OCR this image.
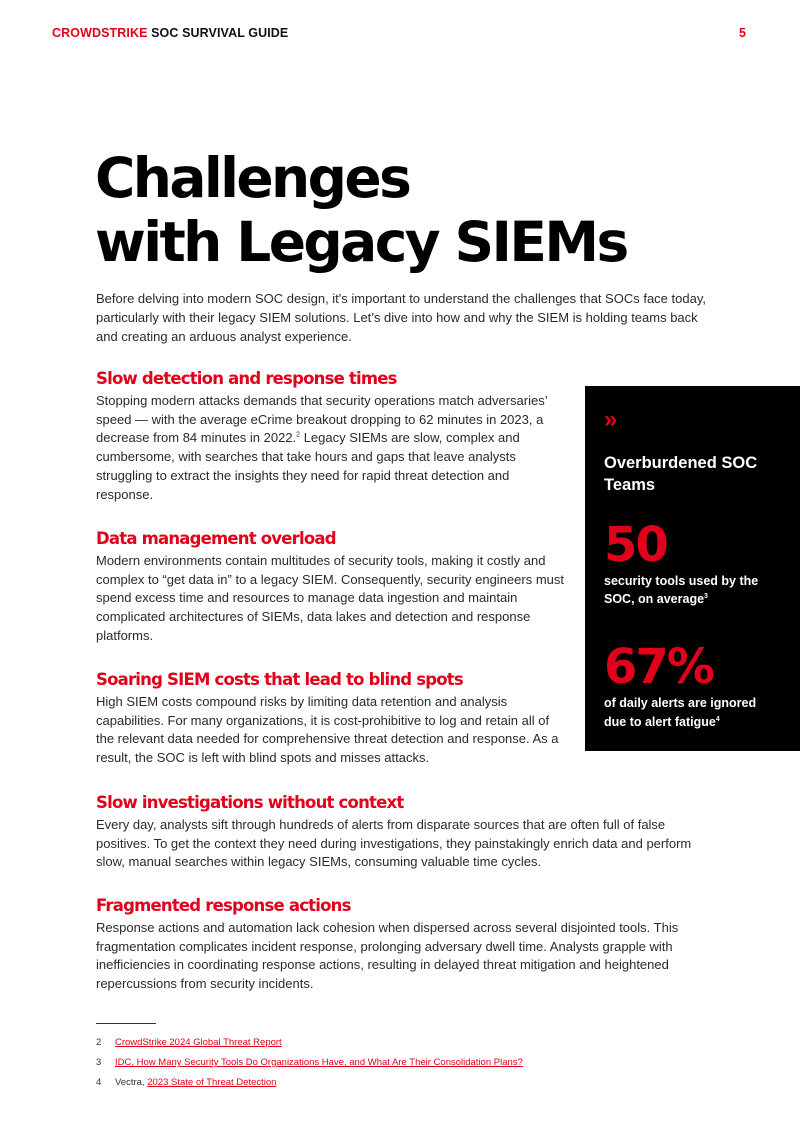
CROWDSTRIKE SOC SURVIVAL GUIDE	5
Challenges
with Legacy SIEMs

Before delving into modern SOC design, it's important to understand the challenges that SOCs face today, particularly with their legacy SIEM solutions. Let’s dive into how and why the SIEM is holding teams back and creating an arduous analyst experience.

Slow detection and response times

Stopping modern attacks demands that security operations match adversaries’ speed — with the average eCrime breakout dropping to 62 minutes in 2023, a decrease from 84 minutes in 2022.$^2$ Legacy SIEMs are slow, complex and cumbersome, with searches that take hours and gaps that leave analysts struggling to extract the insights they need for rapid threat detection and response.

Data management overload

Modern environments contain multitudes of security tools, making it costly and complex to “get data in” to a legacy SIEM. Consequently, security engineers must spend excess time and resources to manage data ingestion and maintain complicated architectures of SIEMs, data lakes and detection and response platforms.

Soaring SIEM costs that lead to blind spots

High SIEM costs compound risks by limiting data retention and analysis capabilities. For many organizations, it is cost-prohibitive to log and retain all of the relevant data needed for comprehensive threat detection and response. As a result, the SOC is left with blind spots and misses attacks.

Slow investigations without context

Every day, analysts sift through hundreds of alerts from disparate sources that are often full of false positives. To get the context they need during investigations, they painstakingly enrich data and perform slow, manual searches within legacy SIEMs, consuming valuable time cycles.

Fragmented response actions

Response actions and automation lack cohesion when dispersed across several disjointed tools. This fragmentation complicates incident response, prolonging adversary dwell time. Analysts grapple with inefficiencies in coordinating response actions, resulting in delayed threat mitigation and heightened repercussions from security incidents.

»
Overburdened SOC Teams
50
security tools used by the SOC, on average$^3$
67%
of daily alerts are ignored due to alert fatigue$^4$
2 CrowdStrike 2024 Global Threat Report
3 IDC, How Many Security Tools Do Organizations Have, and What Are Their Consolidation Plans?
4 Vectra, 2023 State of Threat Detection
